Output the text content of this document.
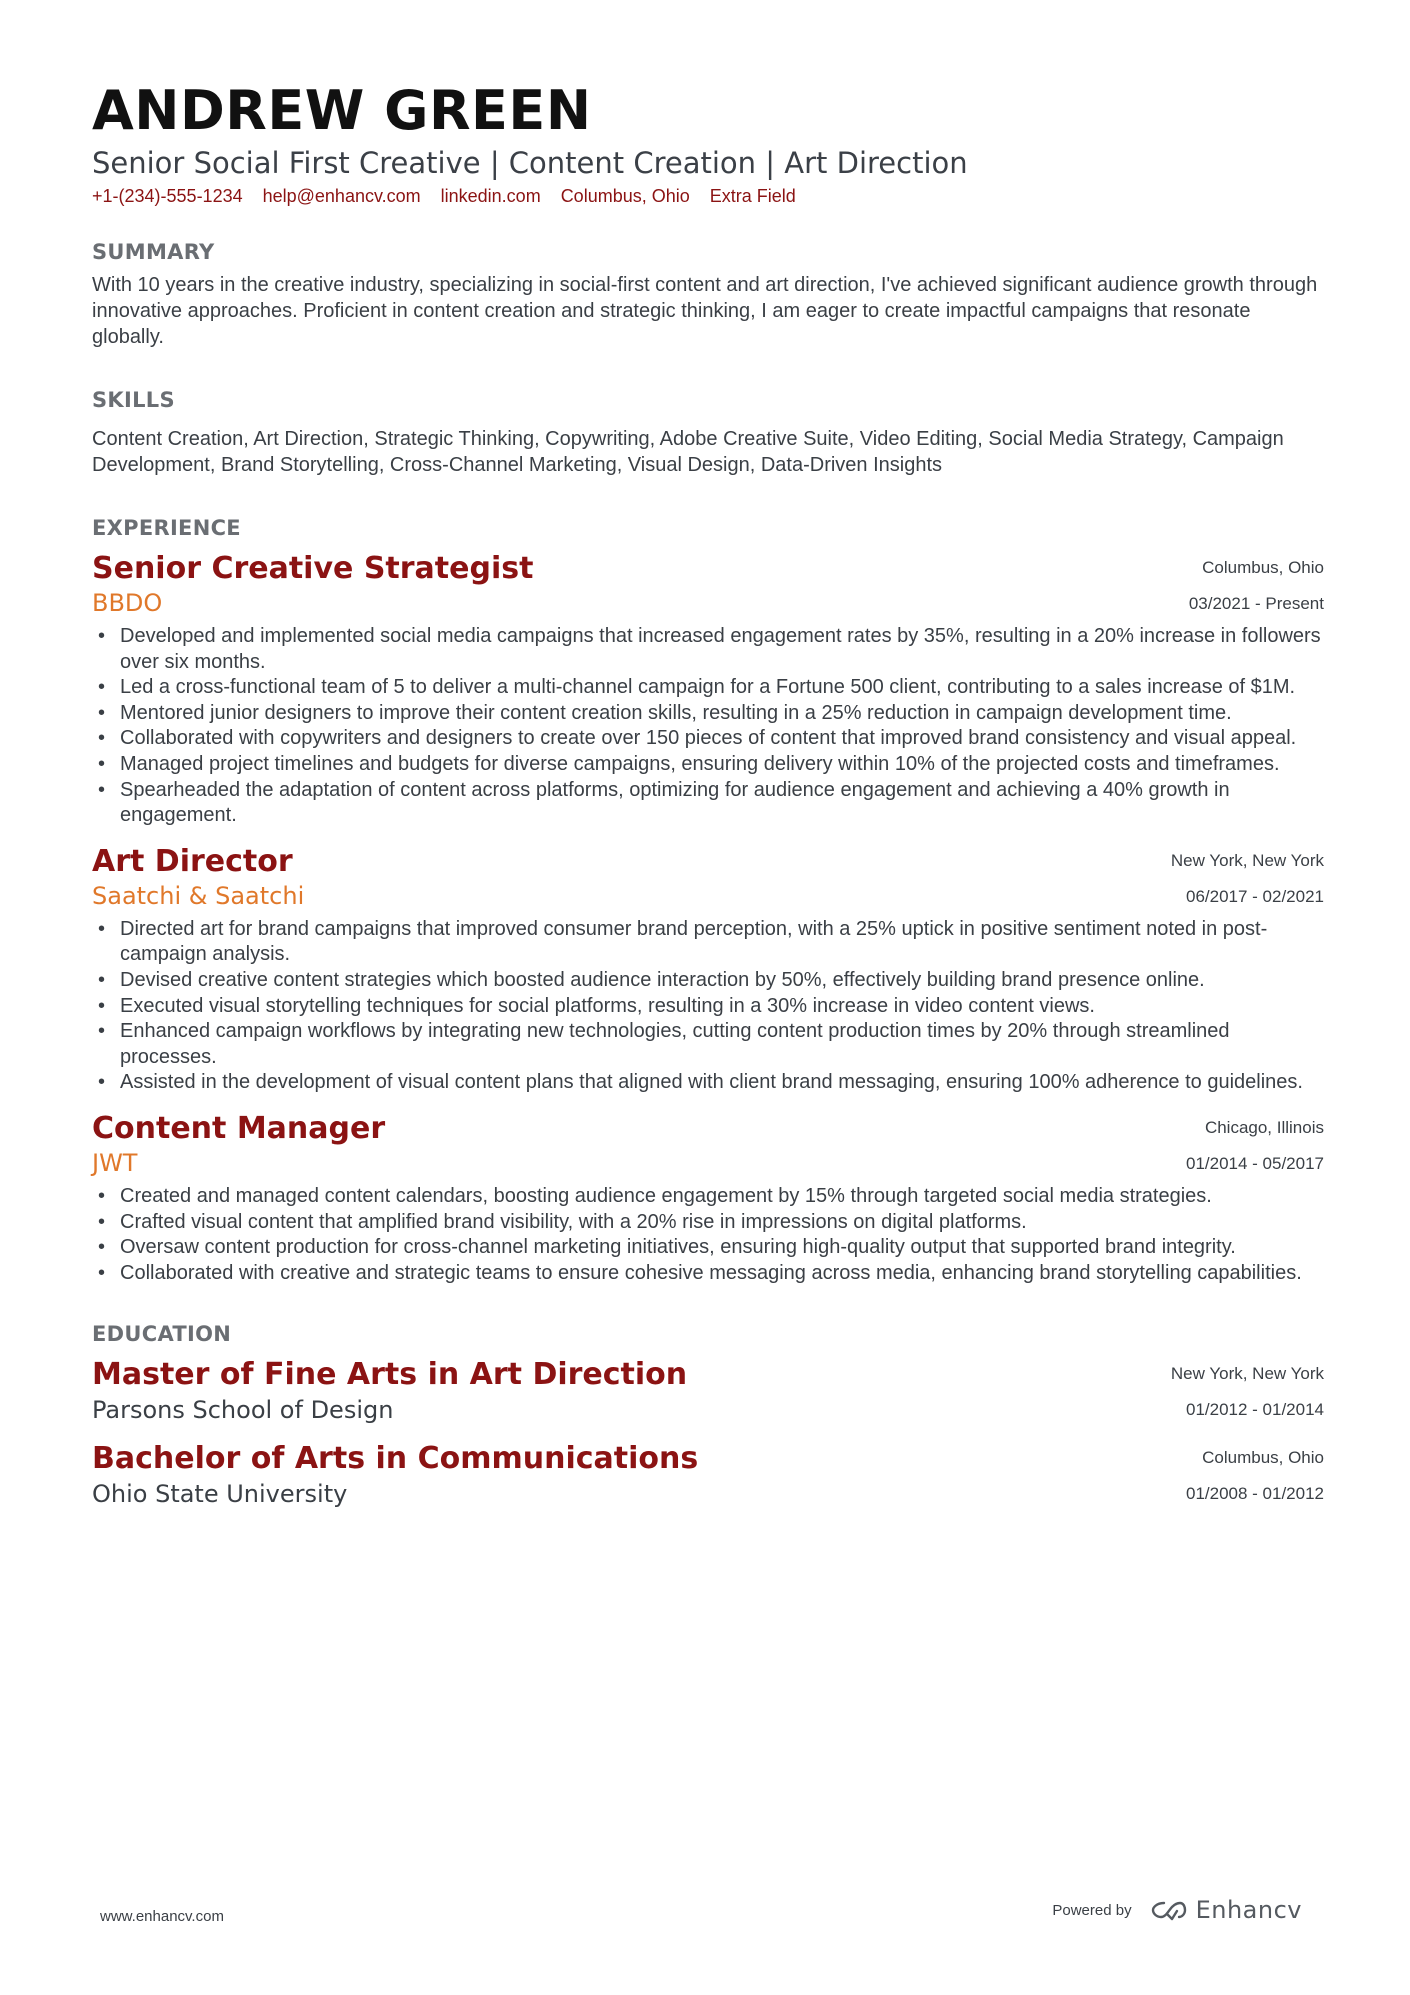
ANDREW GREEN
Senior Social First Creative | Content Creation | Art Direction
+1-(234)-555-1234 help@enhancv.com linkedin.com Columbus, Ohio Extra Field
SUMMARY

With 10 years in the creative industry, specializing in social-first content and art direction, I've achieved significant audience growth through innovative approaches. Proficient in content creation and strategic thinking, I am eager to create impactful campaigns that resonate globally.

SKILLS

Content Creation, Art Direction, Strategic Thinking, Copywriting, Adobe Creative Suite, Video Editing, Social Media Strategy, Campaign Development, Brand Storytelling, Cross-Channel Marketing, Visual Design, Data-Driven Insights

EXPERIENCE
Senior Creative Strategist
BBDO
Columbus, Ohio
03/2021 - Present
• Developed and implemented social media campaigns that increased engagement rates by 35%, resulting in a 20% increase in followers over six months.
• Led a cross-functional team of 5 to deliver a multi-channel campaign for a Fortune 500 client, contributing to a sales increase of $1M.
• Mentored junior designers to improve their content creation skills, resulting in a 25% reduction in campaign development time.
• Collaborated with copywriters and designers to create over 150 pieces of content that improved brand consistency and visual appeal.
• Managed project timelines and budgets for diverse campaigns, ensuring delivery within 10% of the projected costs and timeframes.
• Spearheaded the adaptation of content across platforms, optimizing for audience engagement and achieving a 40% growth in engagement.
Art Director
Saatchi & Saatchi
New York, New York
06/2017 - 02/2021
• Directed art for brand campaigns that improved consumer brand perception, with a 25% uptick in positive sentiment noted in post-campaign analysis.
• Devised creative content strategies which boosted audience interaction by 50%, effectively building brand presence online.
• Executed visual storytelling techniques for social platforms, resulting in a 30% increase in video content views.
• Enhanced campaign workflows by integrating new technologies, cutting content production times by 20% through streamlined processes.
• Assisted in the development of visual content plans that aligned with client brand messaging, ensuring 100% adherence to guidelines.
Content Manager
JWT
Chicago, Illinois
01/2014 - 05/2017
• Created and managed content calendars, boosting audience engagement by 15% through targeted social media strategies.
• Crafted visual content that amplified brand visibility, with a 20% rise in impressions on digital platforms.
• Oversaw content production for cross-channel marketing initiatives, ensuring high-quality output that supported brand integrity.
• Collaborated with creative and strategic teams to ensure cohesive messaging across media, enhancing brand storytelling capabilities.
EDUCATION
Master of Fine Arts in Art Direction
Parsons School of Design
New York, New York
01/2012 - 01/2014
Bachelor of Arts in Communications
Ohio State University
Columbus, Ohio
01/2008 - 01/2012
www.enhancv.com	Powered by	Enhancv
